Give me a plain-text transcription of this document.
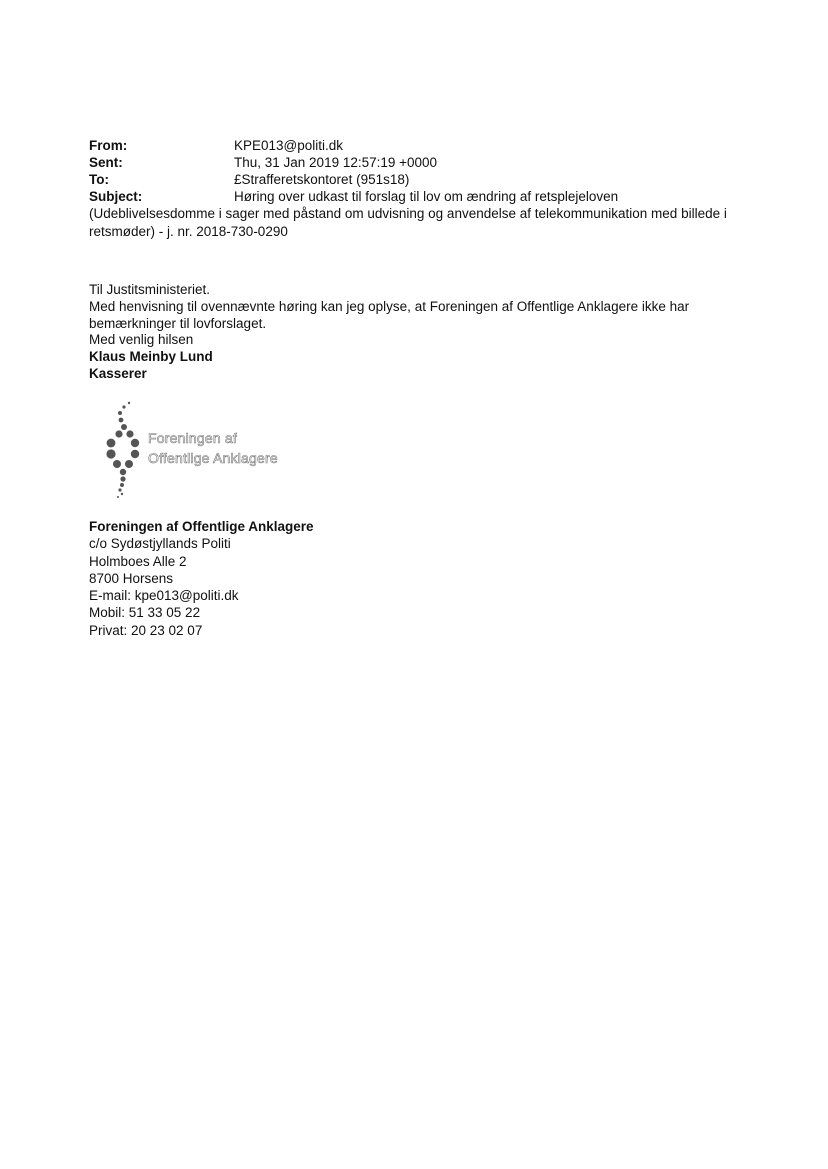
From:	KPE013@politi.dk
Sent:	Thu, 31 Jan 2019 12:57:19 +0000
To:	£Strafferetskontoret (951s18)
Subject:	Høring over udkast til forslag til lov om ændring af retsplejeloven
(Udeblivelsesdomme i sager med påstand om udvisning og anvendelse af telekommunikation med billede i
retsmøder) - j. nr. 2018-730-0290

Til Justitsministeriet.

Med henvisning til ovennævnte høring kan jeg oplyse, at Foreningen af Offentlige Anklagere ikke har

bemærkninger til lovforslaget.

Med venlig hilsen

Klaus Meinby Lund

Kasserer

Foreningen af
Offentlige Anklagere
Foreningen af Offentlige Anklagere
c/o Sydøstjyllands Politi
Holmboes Alle 2
8700 Horsens
E-mail: kpe013@politi.dk
Mobil: 51 33 05 22
Privat: 20 23 02 07
